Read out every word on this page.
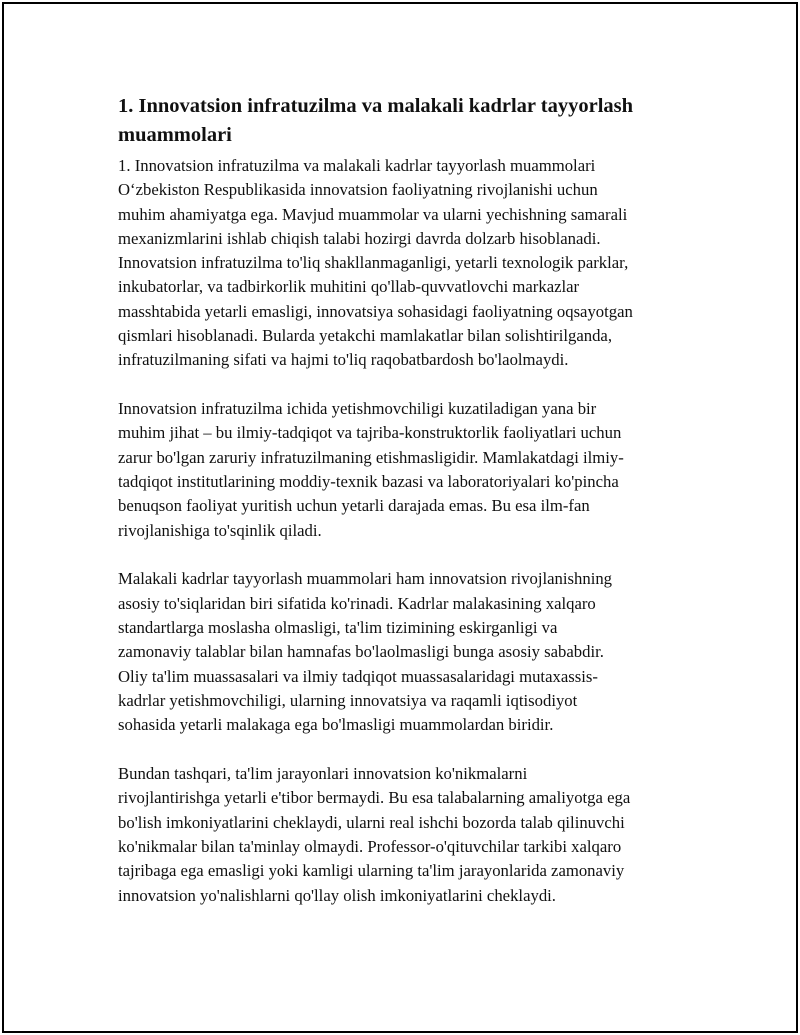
1. Innovatsion infratuzilma va malakali kadrlar tayyorlash
muammolari

1. Innovatsion infratuzilma va malakali kadrlar tayyorlash muammolari
O‘zbekiston Respublikasida innovatsion faoliyatning rivojlanishi uchun
muhim ahamiyatga ega. Mavjud muammolar va ularni yechishning samarali
mexanizmlarini ishlab chiqish talabi hozirgi davrda dolzarb hisoblanadi.
Innovatsion infratuzilma to'liq shakllanmaganligi, yetarli texnologik parklar,
inkubatorlar, va tadbirkorlik muhitini qo'llab-quvvatlovchi markazlar
masshtabida yetarli emasligi, innovatsiya sohasidagi faoliyatning oqsayotgan
qismlari hisoblanadi. Bularda yetakchi mamlakatlar bilan solishtirilganda,
infratuzilmaning sifati va hajmi to'liq raqobatbardosh bo'laolmaydi.

Innovatsion infratuzilma ichida yetishmovchiligi kuzatiladigan yana bir
muhim jihat – bu ilmiy-tadqiqot va tajriba-konstruktorlik faoliyatlari uchun
zarur bo'lgan zaruriy infratuzilmaning etishmasligidir. Mamlakatdagi ilmiy-
tadqiqot institutlarining moddiy-texnik bazasi va laboratoriyalari ko'pincha
benuqson faoliyat yuritish uchun yetarli darajada emas. Bu esa ilm-fan
rivojlanishiga to'sqinlik qiladi.

Malakali kadrlar tayyorlash muammolari ham innovatsion rivojlanishning
asosiy to'siqlaridan biri sifatida ko'rinadi. Kadrlar malakasining xalqaro
standartlarga moslasha olmasligi, ta'lim tizimining eskirganligi va
zamonaviy talablar bilan hamnafas bo'laolmasligi bunga asosiy sababdir.
Oliy ta'lim muassasalari va ilmiy tadqiqot muassasalaridagi mutaxassis-
kadrlar yetishmovchiligi, ularning innovatsiya va raqamli iqtisodiyot
sohasida yetarli malakaga ega bo'lmasligi muammolardan biridir.

Bundan tashqari, ta'lim jarayonlari innovatsion ko'nikmalarni
rivojlantirishga yetarli e'tibor bermaydi. Bu esa talabalarning amaliyotga ega
bo'lish imkoniyatlarini cheklaydi, ularni real ishchi bozorda talab qilinuvchi
ko'nikmalar bilan ta'minlay olmaydi. Professor-o'qituvchilar tarkibi xalqaro
tajribaga ega emasligi yoki kamligi ularning ta'lim jarayonlarida zamonaviy
innovatsion yo'nalishlarni qo'llay olish imkoniyatlarini cheklaydi.
